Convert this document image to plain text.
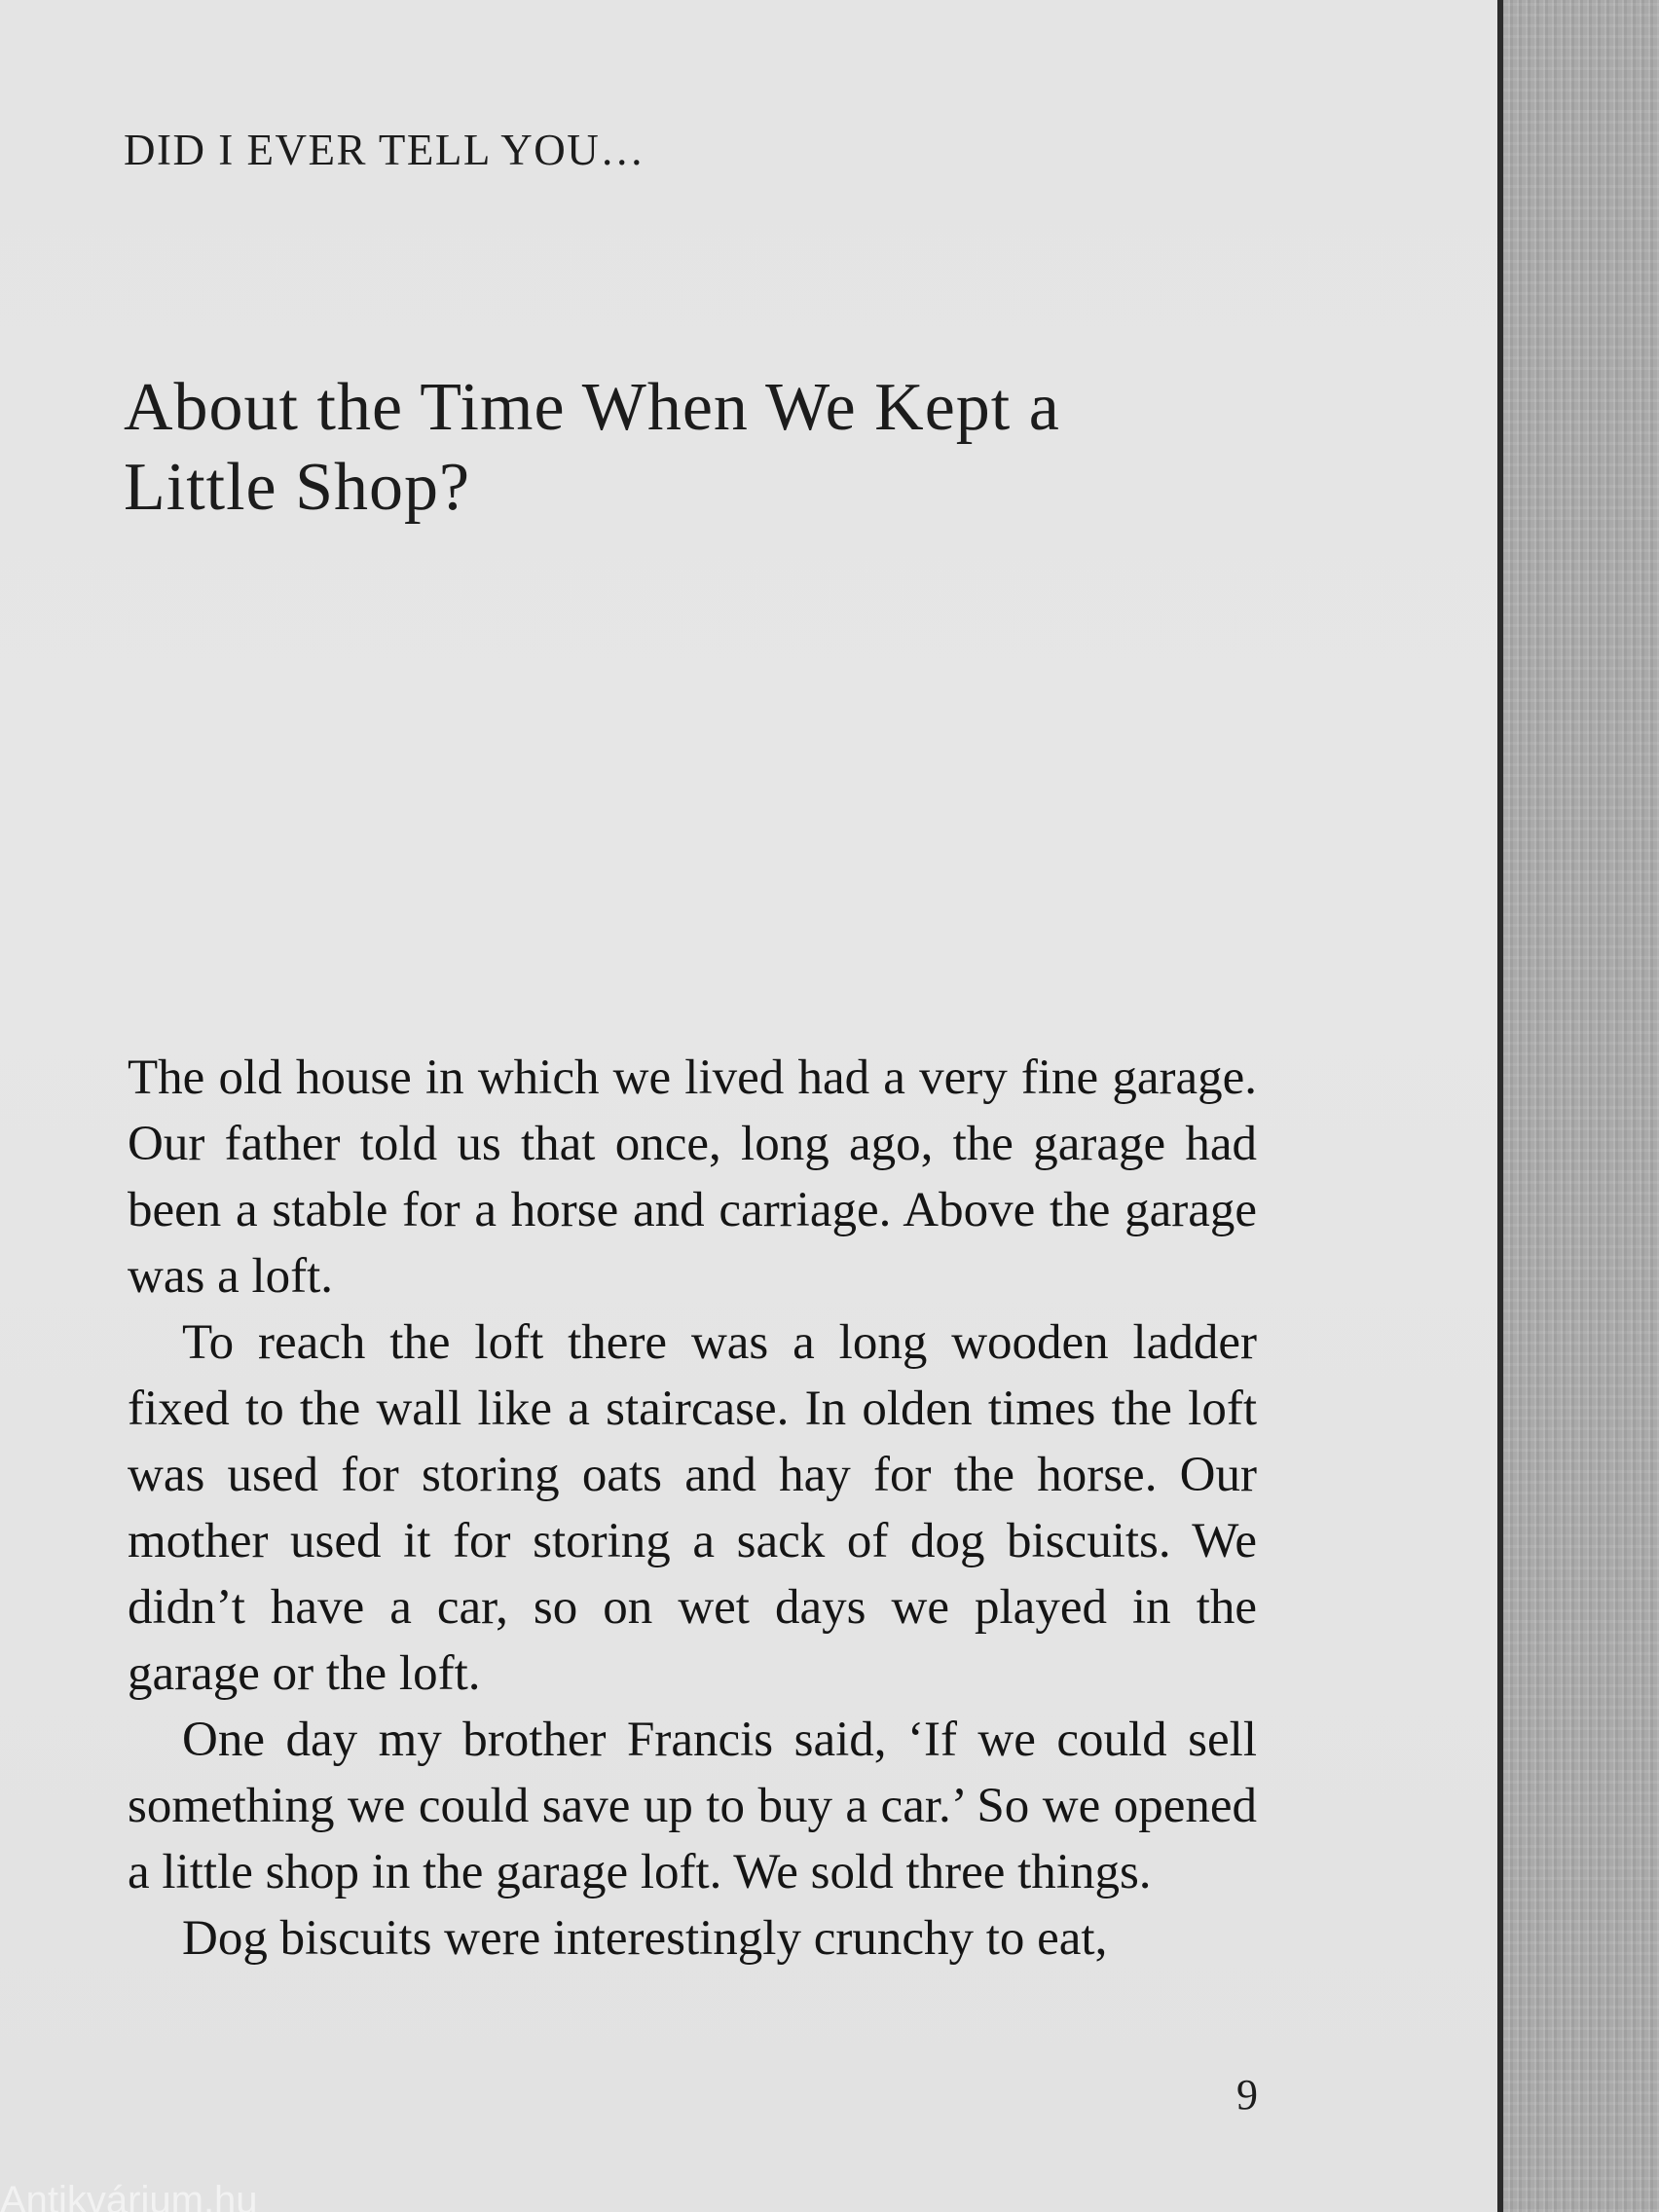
DID I EVER TELL YOU…
About the Time When We Kept a
Little Shop?

The old house in which we lived had a very fine garage. Our father told us that once, long ago, the garage had been a stable for a horse and carriage. Above the garage was a loft.

To reach the loft there was a long wooden ladder fixed to the wall like a staircase. In olden times the loft was used for storing oats and hay for the horse. Our mother used it for storing a sack of dog biscuits. We didn’t have a car, so on wet days we played in the garage or the loft.

One day my brother Francis said, ‘If we could sell something we could save up to buy a car.’ So we opened a little shop in the garage loft. We sold three things.

Dog biscuits were interestingly crunchy to eat,

9
Antikvárium.hu
